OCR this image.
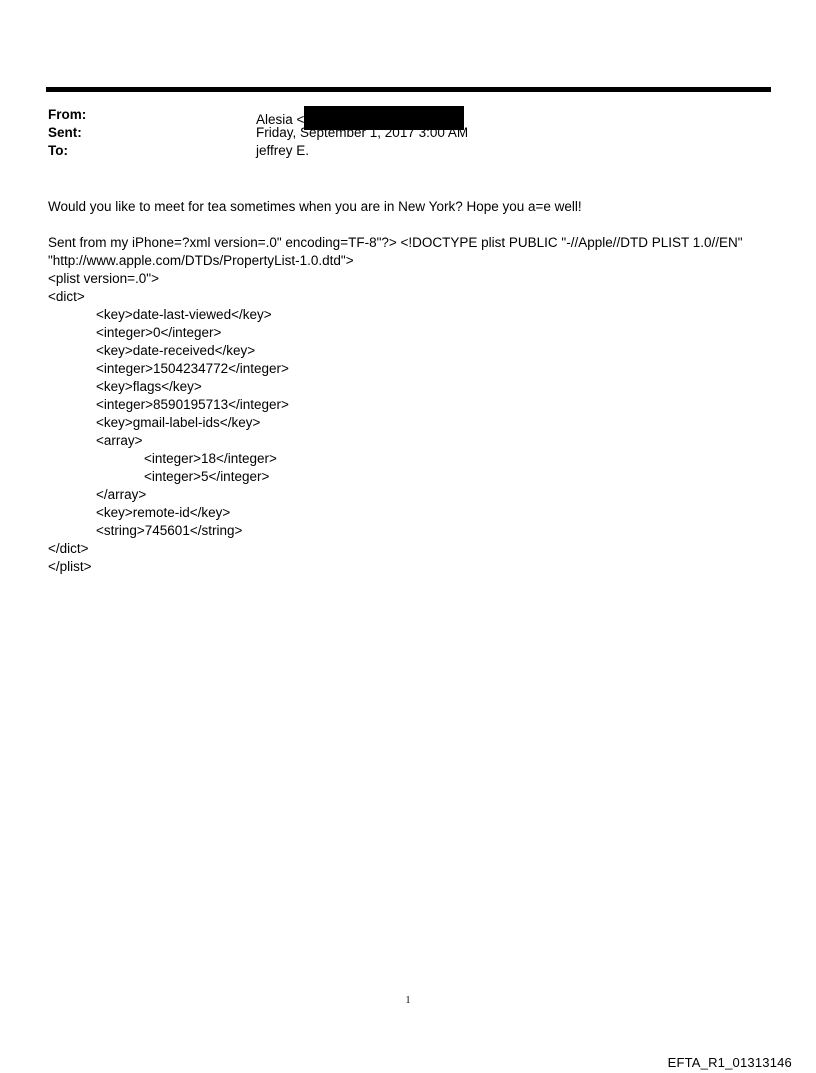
From:	Alesia <
Sent:	Friday, September 1, 2017 3:00 AM
To:	jeffrey E.

Would you like to meet for tea sometimes when you are in New York? Hope you a=e well!

Sent from my iPhone=?xml version=.0" encoding=TF-8"?> <!DOCTYPE plist PUBLIC "-//Apple//DTD PLIST 1.0//EN"

"http://www.apple.com/DTDs/PropertyList-1.0.dtd">

<plist version=.0">

<dict>

<key>date-last-viewed</key>

<integer>0</integer>

<key>date-received</key>

<integer>1504234772</integer>

<key>flags</key>

<integer>8590195713</integer>

<key>gmail-label-ids</key>

<array>

<integer>18</integer>

<integer>5</integer>

</array>

<key>remote-id</key>

<string>745601</string>

</dict>

</plist>

1
EFTA_R1_01313146
